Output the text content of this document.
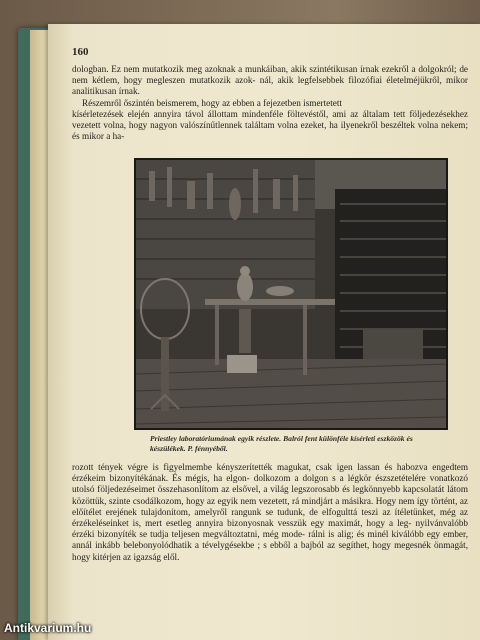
160

dologban. Ez nem mutatkozik meg azoknak a munkáiban, akik szintétikusan írnak ezekről a dolgokról; de nem kétlem, hogy megleszen mutatkozik azok- nál, akik legfelsebbek filozófiai életelméjükről, mikor analitikusan írnak.

Részemről őszintén beismerem, hogy az ebben a fejezetben ismertetett
kísérletezések elején annyira távol állottam mindenféle föltevéstől, ami az általam tett följedezésekhez vezetett volna, hogy nagyon valószínűtlennek találtam volna ezeket, ha ilyenekről beszéltek volna nekem; és mikor a ha-

Priestley laboratóriumának egyik részlete. Balról fent különféle kísérleti eszközök és készülékek. P. fénnyéből.

rozott tények végre is figyelmembe kényszerítették magukat, csak igen lassan és habozva engedtem érzékeim bizonyítékának. És mégis, ha elgon- dolkozom a dolgon s a légkör észszetételére vonatkozó utolsó följedezéseimet összehasonlítom az elsővel, a világ legszorosabb és legkönnyebb kapcsolatát látom közöttük, szinte csodálkozom, hogy az egyik nem vezetett, rá mindjárt a másikra. Hogy nem így történt, az előítélet erejének tulajdonítom, amelyről rangunk se tudunk, de elfogulttá teszi az ítéletünket, még az érzékeléseinket is, mert esetleg annyira bizonyosnak vesszük egy maximát, hogy a leg- nyilvánvalóbb érzéki bizonyíték se tudja teljesen megváltoztatni, még mode- rálni is alig; és minél kiválóbb egy ember, annál inkább belebonyolódhatik a tévelygésekbe ; s ebből a bajból az segíthet, hogy megesnék önmagát, hogy kitérjen az igazság elől.

Antikvarium.hu
